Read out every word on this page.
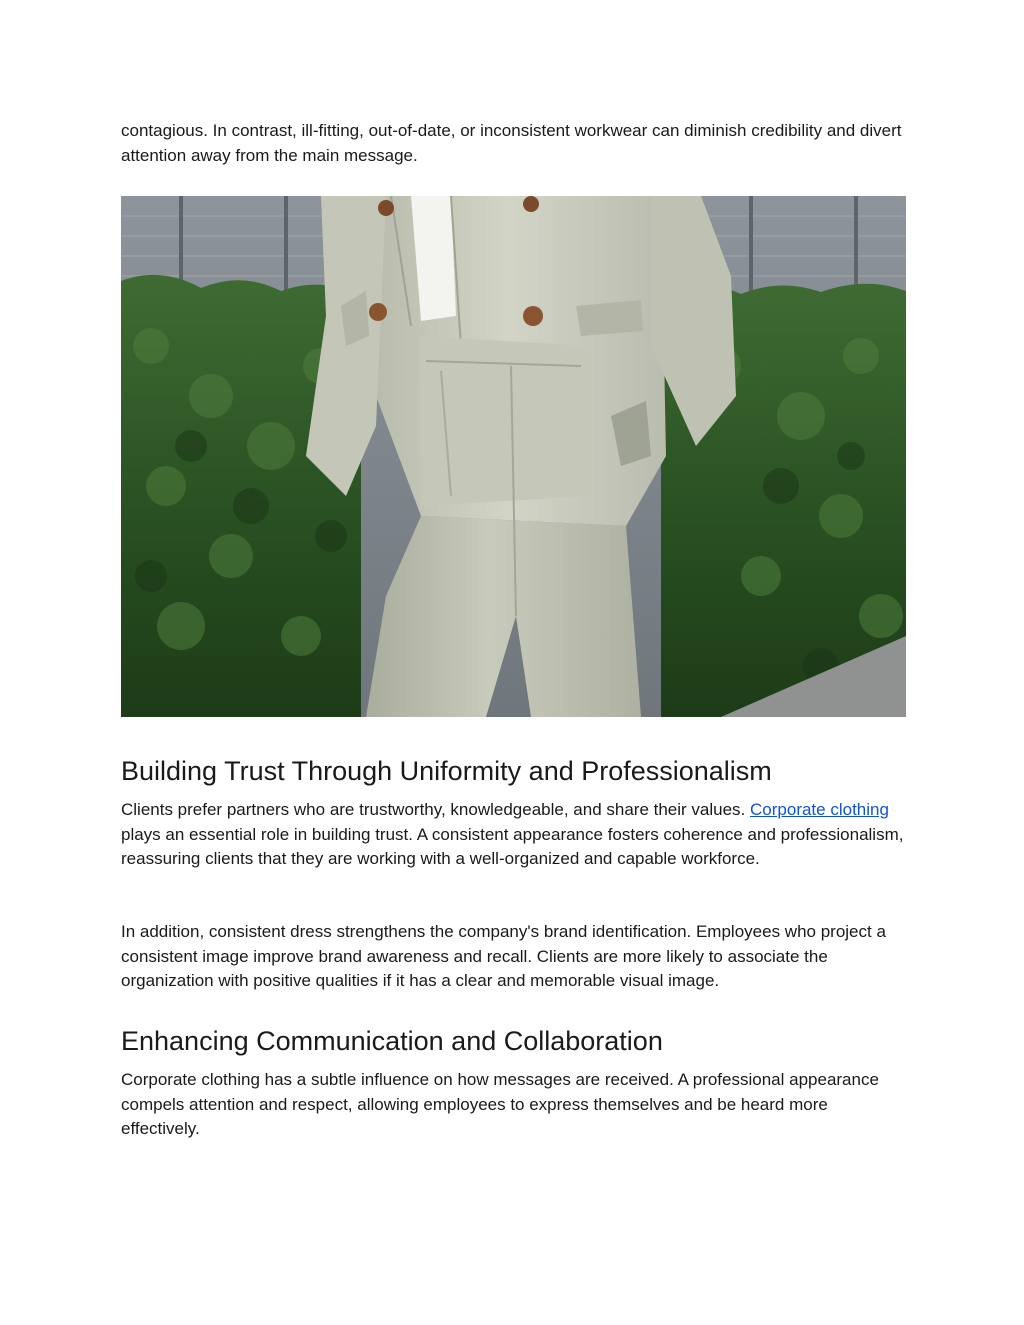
contagious. In contrast, ill-fitting, out-of-date, or inconsistent workwear can diminish credibility and divert attention away from the main message.

Building Trust Through Uniformity and Professionalism

Clients prefer partners who are trustworthy, knowledgeable, and share their values. Corporate clothing plays an essential role in building trust. A consistent appearance fosters coherence and professionalism, reassuring clients that they are working with a well-organized and capable workforce.

In addition, consistent dress strengthens the company's brand identification. Employees who project a consistent image improve brand awareness and recall. Clients are more likely to associate the organization with positive qualities if it has a clear and memorable visual image.

Enhancing Communication and Collaboration

Corporate clothing has a subtle influence on how messages are received. A professional appearance compels attention and respect, allowing employees to express themselves and be heard more effectively.
